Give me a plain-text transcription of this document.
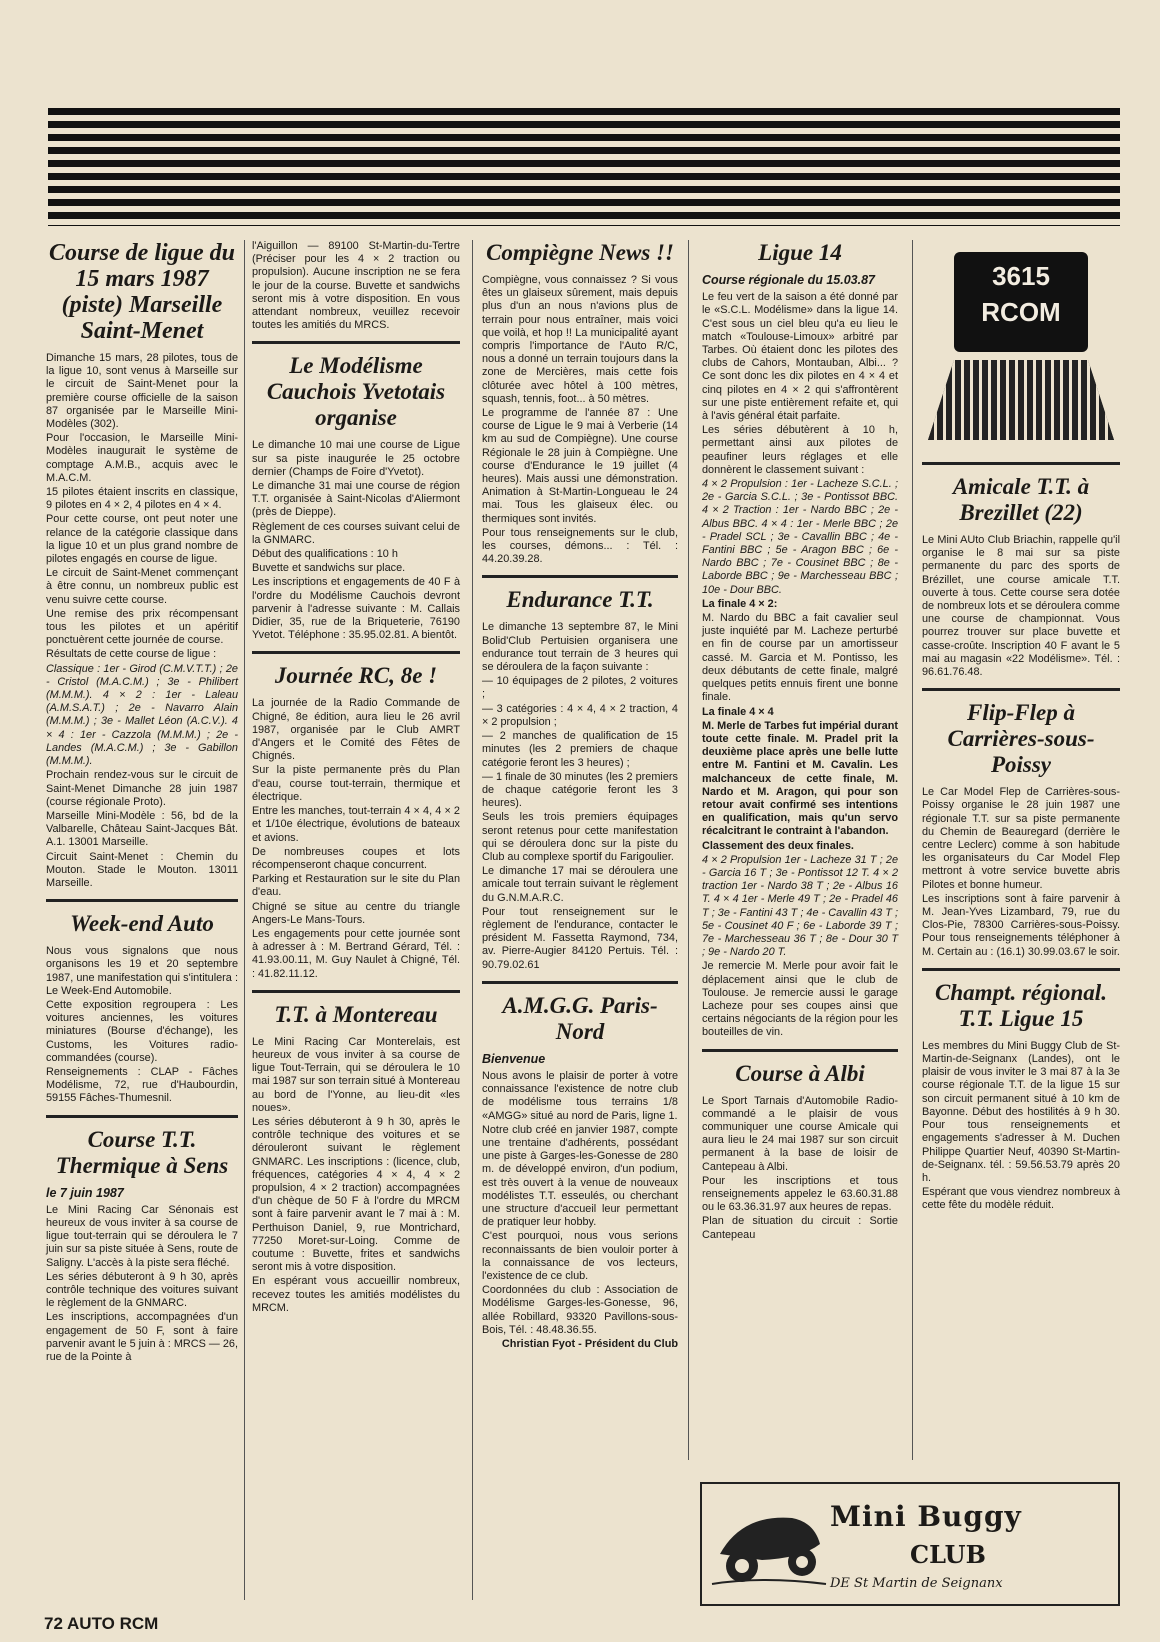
Course de ligue du 15 mars 1987 (piste) Marseille Saint-Menet

Dimanche 15 mars, 28 pilotes, tous de la ligue 10, sont venus à Marseille sur le circuit de Saint-Menet pour la première course officielle de la saison 87 organisée par le Marseille Mini-Modèles (302).

Pour l'occasion, le Marseille Mini-Modèles inaugurait le système de comptage A.M.B., acquis avec le M.A.C.M.

15 pilotes étaient inscrits en classique, 9 pilotes en 4 × 2, 4 pilotes en 4 × 4.

Pour cette course, ont peut noter une relance de la catégorie classique dans la ligue 10 et un plus grand nombre de pilotes engagés en course de ligue.

Le circuit de Saint-Menet commençant à être connu, un nombreux public est venu suivre cette course.

Une remise des prix récompensant tous les pilotes et un apéritif ponctuèrent cette journée de course.

Résultats de cette course de ligue :

Classique : 1er - Girod (C.M.V.T.T.) ; 2e - Cristol (M.A.C.M.) ; 3e - Philibert (M.M.M.). 4 × 2 : 1er - Laleau (A.M.S.A.T.) ; 2e - Navarro Alain (M.M.M.) ; 3e - Mallet Léon (A.C.V.). 4 × 4 : 1er - Cazzola (M.M.M.) ; 2e - Landes (M.A.C.M.) ; 3e - Gabillon (M.M.M.).

Prochain rendez-vous sur le circuit de Saint-Menet Dimanche 28 juin 1987 (course régionale Proto).

Marseille Mini-Modèle : 56, bd de la Valbarelle, Château Saint-Jacques Bât. A.1. 13001 Marseille.

Circuit Saint-Menet : Chemin du Mouton. Stade le Mouton. 13011 Marseille.

Week-end Auto

Nous vous signalons que nous organisons les 19 et 20 septembre 1987, une manifestation qui s'intitulera : Le Week-End Automobile.

Cette exposition regroupera : Les voitures anciennes, les voitures miniatures (Bourse d'échange), les Customs, les Voitures radio-commandées (course).

Renseignements : CLAP - Fâches Modélisme, 72, rue d'Haubourdin, 59155 Fâches-Thumesnil.

Course T.T. Thermique à Sens
le 7 juin 1987

Le Mini Racing Car Sénonais est heureux de vous inviter à sa course de ligue tout-terrain qui se déroulera le 7 juin sur sa piste située à Sens, route de Saligny. L'accès à la piste sera fléché.

Les séries débuteront à 9 h 30, après contrôle technique des voitures suivant le règlement de la GNMARC.

Les inscriptions, accompagnées d'un engagement de 50 F, sont à faire parvenir avant le 5 juin à : MRCS — 26, rue de la Pointe à

l'Aiguillon — 89100 St-Martin-du-Tertre (Préciser pour les 4 × 2 traction ou propulsion). Aucune inscription ne se fera le jour de la course. Buvette et sandwichs seront mis à votre disposition. En vous attendant nombreux, veuillez recevoir toutes les amitiés du MRCS.

Le Modélisme Cauchois Yvetotais organise

Le dimanche 10 mai une course de Ligue sur sa piste inaugurée le 25 octobre dernier (Champs de Foire d'Yvetot).

Le dimanche 31 mai une course de région T.T. organisée à Saint-Nicolas d'Aliermont (près de Dieppe).

Règlement de ces courses suivant celui de la GNMARC.

Début des qualifications : 10 h

Buvette et sandwichs sur place.

Les inscriptions et engagements de 40 F à l'ordre du Modélisme Cauchois devront parvenir à l'adresse suivante : M. Callais Didier, 35, rue de la Briqueterie, 76190 Yvetot. Téléphone : 35.95.02.81. A bientôt.

Journée RC, 8e !

La journée de la Radio Commande de Chigné, 8e édition, aura lieu le 26 avril 1987, organisée par le Club AMRT d'Angers et le Comité des Fêtes de Chignés.

Sur la piste permanente près du Plan d'eau, course tout-terrain, thermique et électrique.

Entre les manches, tout-terrain 4 × 4, 4 × 2 et 1/10e électrique, évolutions de bateaux et avions.

De nombreuses coupes et lots récompenseront chaque concurrent.

Parking et Restauration sur le site du Plan d'eau.

Chigné se situe au centre du triangle Angers-Le Mans-Tours.

Les engagements pour cette journée sont à adresser à : M. Bertrand Gérard, Tél. : 41.93.00.11, M. Guy Naulet à Chigné, Tél. : 41.82.11.12.

T.T. à Montereau

Le Mini Racing Car Monterelais, est heureux de vous inviter à sa course de ligue Tout-Terrain, qui se déroulera le 10 mai 1987 sur son terrain situé à Montereau au bord de l'Yonne, au lieu-dit «les noues».

Les séries débuteront à 9 h 30, après le contrôle technique des voitures et se dérouleront suivant le règlement GNMARC. Les inscriptions : (licence, club, fréquences, catégories 4 × 4, 4 × 2 propulsion, 4 × 2 traction) accompagnées d'un chèque de 50 F à l'ordre du MRCM sont à faire parvenir avant le 7 mai à : M. Perthuison Daniel, 9, rue Montrichard, 77250 Moret-sur-Loing. Comme de coutume : Buvette, frites et sandwichs seront mis à votre disposition.

En espérant vous accueillir nombreux, recevez toutes les amitiés modélistes du MRCM.

Compiègne News !!

Compiègne, vous connaissez ? Si vous êtes un glaiseux sûrement, mais depuis plus d'un an nous n'avions plus de terrain pour nous entraîner, mais voici que voilà, et hop !! La municipalité ayant compris l'importance de l'Auto R/C, nous a donné un terrain toujours dans la zone de Mercières, mais cette fois clôturée avec hôtel à 100 mètres, squash, tennis, foot... à 50 mètres.

Le programme de l'année 87 : Une course de Ligue le 9 mai à Verberie (14 km au sud de Compiègne). Une course Régionale le 28 juin à Compiègne. Une course d'Endurance le 19 juillet (4 heures). Mais aussi une démonstration. Animation à St-Martin-Longueau le 24 mai. Tous les glaiseux élec. ou thermiques sont invités.

Pour tous renseignements sur le club, les courses, démons... : Tél. : 44.20.39.28.

Endurance T.T.

Le dimanche 13 septembre 87, le Mini Bolid'Club Pertuisien organisera une endurance tout terrain de 3 heures qui se déroulera de la façon suivante :

— 10 équipages de 2 pilotes, 2 voitures ;

— 3 catégories : 4 × 4, 4 × 2 traction, 4 × 2 propulsion ;

— 2 manches de qualification de 15 minutes (les 2 premiers de chaque catégorie feront les 3 heures) ;

— 1 finale de 30 minutes (les 2 premiers de chaque catégorie feront les 3 heures).

Seuls les trois premiers équipages seront retenus pour cette manifestation qui se déroulera donc sur la piste du Club au complexe sportif du Farigoulier.

Le dimanche 17 mai se déroulera une amicale tout terrain suivant le règlement du G.N.M.A.R.C.

Pour tout renseignement sur le règlement de l'endurance, contacter le président M. Fassetta Raymond, 734, av. Pierre-Augier 84120 Pertuis. Tél. : 90.79.02.61

A.M.G.G. Paris-Nord
Bienvenue

Nous avons le plaisir de porter à votre connaissance l'existence de notre club de modélisme tous terrains 1/8 «AMGG» situé au nord de Paris, ligne 1.

Notre club créé en janvier 1987, compte une trentaine d'adhérents, possédant une piste à Garges-les-Gonesse de 280 m. de développé environ, d'un podium, est très ouvert à la venue de nouveaux modélistes T.T. esseulés, ou cherchant une structure d'accueil leur permettant de pratiquer leur hobby.

C'est pourquoi, nous vous serions reconnaissants de bien vouloir porter à la connaissance de vos lecteurs, l'existence de ce club.

Coordonnées du club : Association de Modélisme Garges-les-Gonesse, 96, allée Robillard, 93320 Pavillons-sous-Bois, Tél. : 48.48.36.55.

Christian Fyot - Président du Club

Ligue 14
Course régionale du 15.03.87

Le feu vert de la saison a été donné par le «S.C.L. Modélisme» dans la ligue 14. C'est sous un ciel bleu qu'a eu lieu le match «Toulouse-Limoux» arbitré par Tarbes. Où étaient donc les pilotes des clubs de Cahors, Montauban, Albi... ? Ce sont donc les dix pilotes en 4 × 4 et cinq pilotes en 4 × 2 qui s'affrontèrent sur une piste entièrement refaite et, qui à l'avis général était parfaite.

Les séries débutèrent à 10 h, permettant ainsi aux pilotes de peaufiner leurs réglages et elle donnèrent le classement suivant :

4 × 2 Propulsion : 1er - Lacheze S.C.L. ; 2e - Garcia S.C.L. ; 3e - Pontissot BBC. 4 × 2 Traction : 1er - Nardo BBC ; 2e - Albus BBC. 4 × 4 : 1er - Merle BBC ; 2e - Pradel SCL ; 3e - Cavallin BBC ; 4e - Fantini BBC ; 5e - Aragon BBC ; 6e - Nardo BBC ; 7e - Cousinet BBC ; 8e - Laborde BBC ; 9e - Marchesseau BBC ; 10e - Dour BBC.

La finale 4 × 2:

M. Nardo du BBC a fait cavalier seul juste inquiété par M. Lacheze perturbé en fin de course par un amortisseur cassé. M. Garcia et M. Pontisso, les deux débutants de cette finale, malgré quelques petits ennuis firent une bonne finale.

La finale 4 × 4

M. Merle de Tarbes fut impérial durant toute cette finale. M. Pradel prit la deuxième place après une belle lutte entre M. Fantini et M. Cavalin. Les malchanceux de cette finale, M. Nardo et M. Aragon, qui pour son retour avait confirmé ses intentions en qualification, mais qu'un servo récalcitrant le contraint à l'abandon.

Classement des deux finales.

4 × 2 Propulsion 1er - Lacheze 31 T ; 2e - Garcia 16 T ; 3e - Pontissot 12 T. 4 × 2 traction 1er - Nardo 38 T ; 2e - Albus 16 T. 4 × 4 1er - Merle 49 T ; 2e - Pradel 46 T ; 3e - Fantini 43 T ; 4e - Cavallin 43 T ; 5e - Cousinet 40 F ; 6e - Laborde 39 T ; 7e - Marchesseau 36 T ; 8e - Dour 30 T ; 9e - Nardo 20 T.

Je remercie M. Merle pour avoir fait le déplacement ainsi que le club de Toulouse. Je remercie aussi le garage Lacheze pour ses coupes ainsi que certains négociants de la région pour les bouteilles de vin.

Course à Albi

Le Sport Tarnais d'Automobile Radio-commandé a le plaisir de vous communiquer une course Amicale qui aura lieu le 24 mai 1987 sur son circuit permanent à la base de loisir de Cantepeau à Albi.

Pour les inscriptions et tous renseignements appelez le 63.60.31.88 ou le 63.36.31.97 aux heures de repas.

Plan de situation du circuit : Sortie Cantepeau

3615
RCOM
Amicale T.T. à Brezillet (22)

Le Mini AUto Club Briachin, rappelle qu'il organise le 8 mai sur sa piste permanente du parc des sports de Brézillet, une course amicale T.T. ouverte à tous. Cette course sera dotée de nombreux lots et se déroulera comme une course de championnat. Vous pourrez trouver sur place buvette et casse-croûte. Inscription 40 F avant le 5 mai au magasin «22 Modélisme». Tél. : 96.61.76.48.

Flip-Flep à Carrières-sous-Poissy

Le Car Model Flep de Carrières-sous-Poissy organise le 28 juin 1987 une régionale T.T. sur sa piste permanente du Chemin de Beauregard (derrière le centre Leclerc) comme à son habitude les organisateurs du Car Model Flep mettront à votre service buvette abris Pilotes et bonne humeur.

Les inscriptions sont à faire parvenir à M. Jean-Yves Lizambard, 79, rue du Clos-Pie, 78300 Carrières-sous-Poissy. Pour tous renseignements téléphoner à M. Certain au : (16.1) 30.99.03.67 le soir.

Champt. régional. T.T. Ligue 15

Les membres du Mini Buggy Club de St-Martin-de-Seignanx (Landes), ont le plaisir de vous inviter le 3 mai 87 à la 3e course régionale T.T. de la ligue 15 sur son circuit permanent situé à 10 km de Bayonne. Début des hostilités à 9 h 30. Pour tous renseignements et engagements s'adresser à M. Duchen Philippe Quartier Neuf, 40390 St-Martin-de-Seignanx. tél. : 59.56.53.79 après 20 h.

Espérant que vous viendrez nombreux à cette fête du modèle réduit.

Mini Buggy
CLUB
DE St Martin de Seignanx
72 AUTO RCM
